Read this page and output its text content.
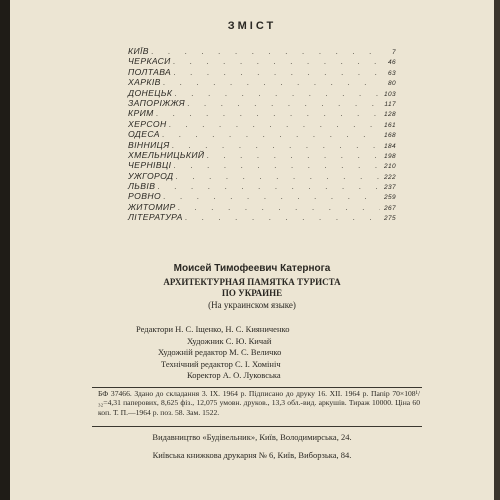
ЗМІСТ
КИЇВ . . .	7
ЧЕРКАСИ . . .	46
ПОЛТАВА . . .	63
ХАРКІВ . . .	80
ДОНЕЦЬК . . .	103
ЗАПОРІЖЖЯ . . .	117
КРИМ . . .	128
ХЕРСОН . . .	161
ОДЕСА . . .	168
ВІННИЦЯ . . .	184
ХМЕЛЬНИЦЬКИЙ . . .	198
ЧЕРНІВЦІ . . .	210
УЖГОРОД . . .	222
ЛЬВІВ . . .	237
РОВНО . . .	259
ЖИТОМИР . . .	267
ЛІТЕРАТУРА . . .	275
Моисей Тимофеевич Катернога
АРХИТЕКТУРНАЯ ПАМЯТКА ТУРИСТА
ПО УКРАИНЕ
(На украинском языке)
Редактори Н. С. Іщенко, Н. С. Кияниченко
Художник С. Ю. Кичай
Художній редактор М. С. Величко
Технічний редактор С. І. Хомініч
Коректор А. О. Луковська
БФ 37466. Здано до складання 3. IX. 1964 р. Підписано до друку 16. XII. 1964 р. Папір 70×108¹/₃₂=4,31 паперових, 8,625 фіз., 12,075 умовн. друков., 13,3 обл.-вид. аркушів. Тираж 10000. Ціна 60 коп. Т. П.—1964 р. поз. 58. Зам. 1522.
Видавництво «Будівельник», Київ, Володимирська, 24.
Київська книжкова друкарня № 6, Київ, Виборзька, 84.
